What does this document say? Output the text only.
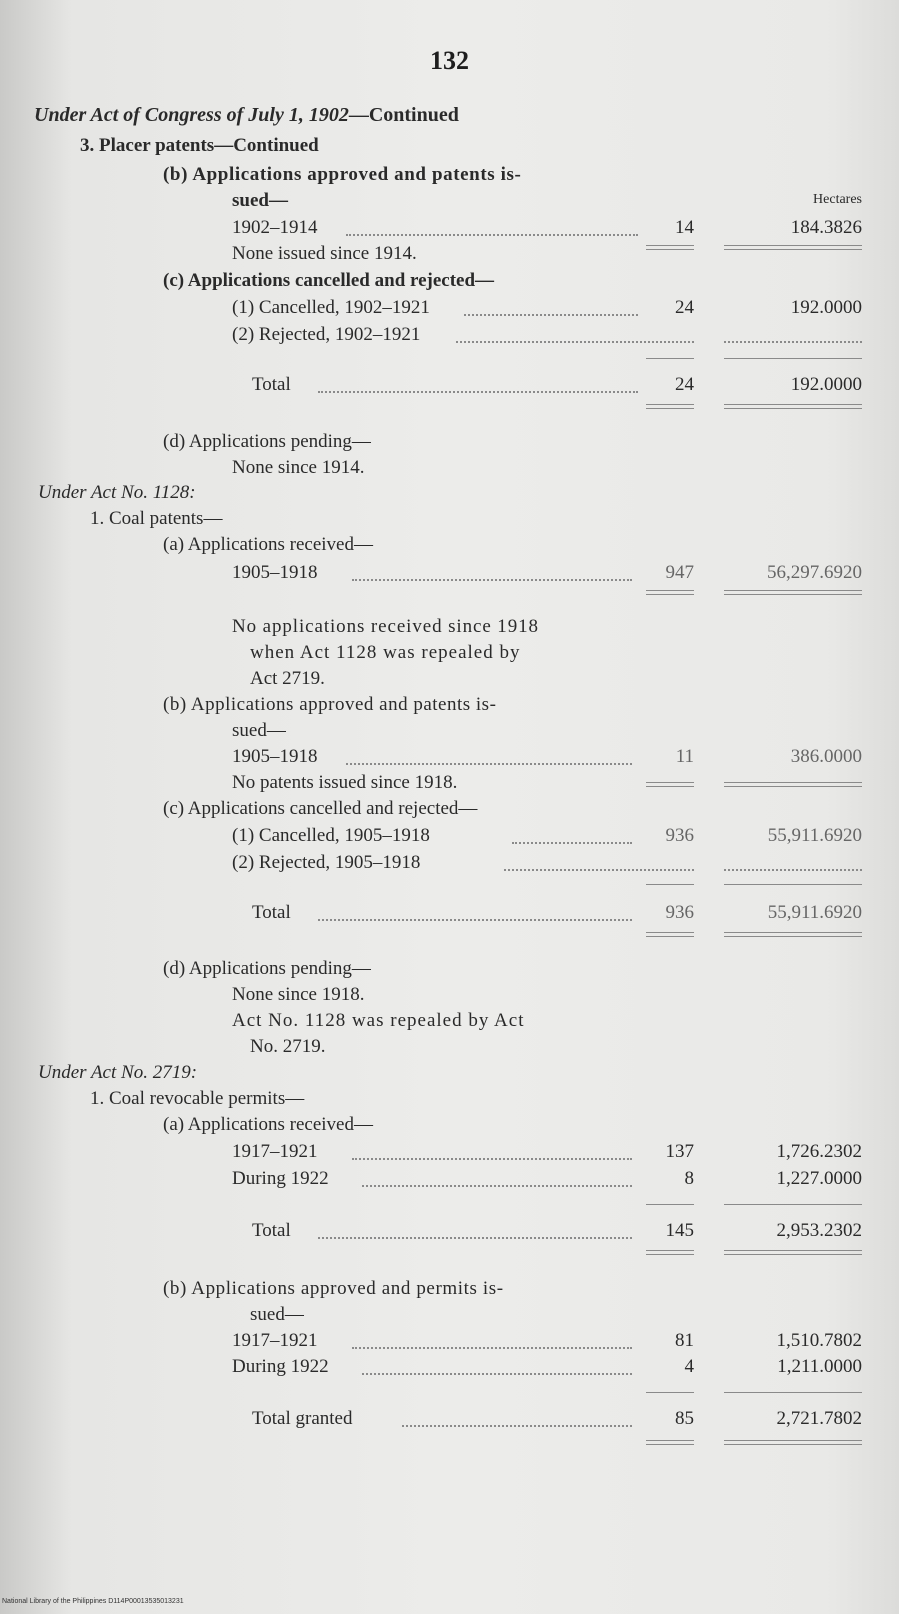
132
Under Act of Congress of July 1, 1902—Continued
3. Placer patents—Continued
(b) Applications approved and patents is-
sued—	Hectares
1902–1914	14	184.3826
None issued since 1914.
(c) Applications cancelled and rejected—
(1) Cancelled, 1902–1921	24	192.0000
(2) Rejected, 1902–1921
Total	24	192.0000
(d) Applications pending—
None since 1914.
Under Act No. 1128:
1. Coal patents—
(a) Applications received—
1905–1918	947	56,297.6920
No applications received since 1918
when Act 1128 was repealed by
Act 2719.
(b) Applications approved and patents is-
sued—
1905–1918	11	386.0000
No patents issued since 1918.
(c) Applications cancelled and rejected—
(1) Cancelled, 1905–1918	936	55,911.6920
(2) Rejected, 1905–1918
Total	936	55,911.6920
(d) Applications pending—
None since 1918.
Act No. 1128 was repealed by Act
No. 2719.
Under Act No. 2719:
1. Coal revocable permits—
(a) Applications received—
1917–1921	137	1,726.2302
During 1922	8	1,227.0000
Total	145	2,953.2302
(b) Applications approved and permits is-
sued—
1917–1921	81	1,510.7802
During 1922	4	1,211.0000
Total granted	85	2,721.7802
National Library of the Philippines D114P00013535013231
